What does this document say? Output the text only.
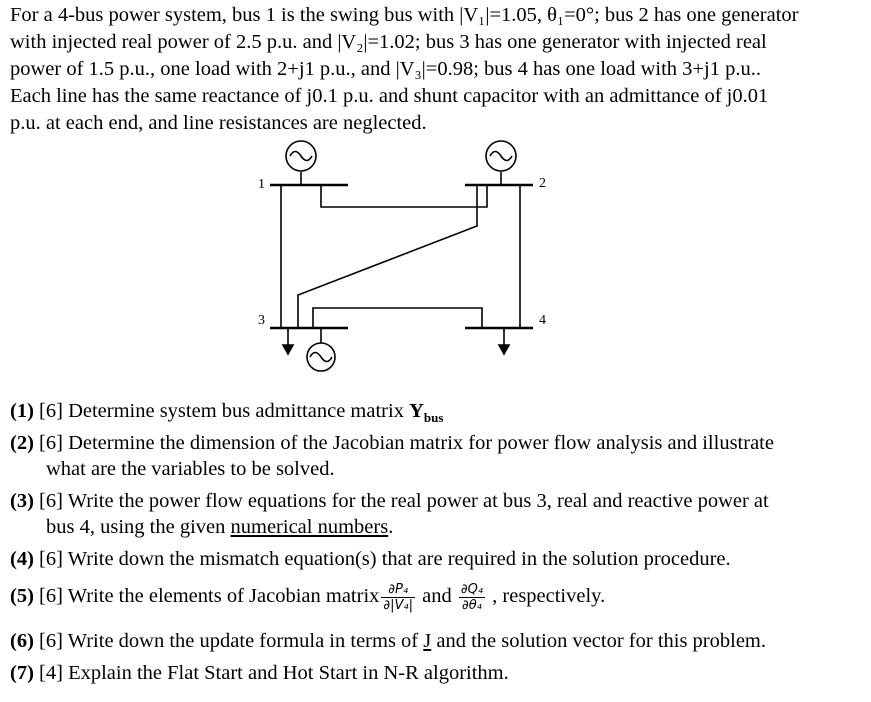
For a 4-bus power system, bus 1 is the swing bus with |V₁|=1.05, θ₁=0°; bus 2 has one generator
with injected real power of 2.5 p.u. and |V₂|=1.02; bus 3 has one generator with injected real
power of 1.5 p.u., one load with 2+j1 p.u., and |V₃|=0.98; bus 4 has one load with 3+j1 p.u..
Each line has the same reactance of j0.1 p.u. and shunt capacitor with an admittance of j0.01
p.u. at each end, and line resistances are neglected.
1	2
3	4
(1) [6] Determine system bus admittance matrix $Y_{bus}$
(2) [6] Determine the dimension of the Jacobian matrix for power flow analysis and illustrate
what are the variables to be solved.
(3) [6] Write the power flow equations for the real power at bus 3, real and reactive power at
bus 4, using the given numerical numbers.
(4) [6] Write down the mismatch equation(s) that are required in the solution procedure.
(5) [6] Write the elements of Jacobian matrix $\frac{\text{∂P₄}}{\text{∂|V₄|}}$ and $\frac{\text{∂Q₄}}{\text{∂θ₄}}$ , respectively.
(6) [6] Write down the update formula in terms of J and the solution vector for this problem.
(7) [4] Explain the Flat Start and Hot Start in N-R algorithm.
